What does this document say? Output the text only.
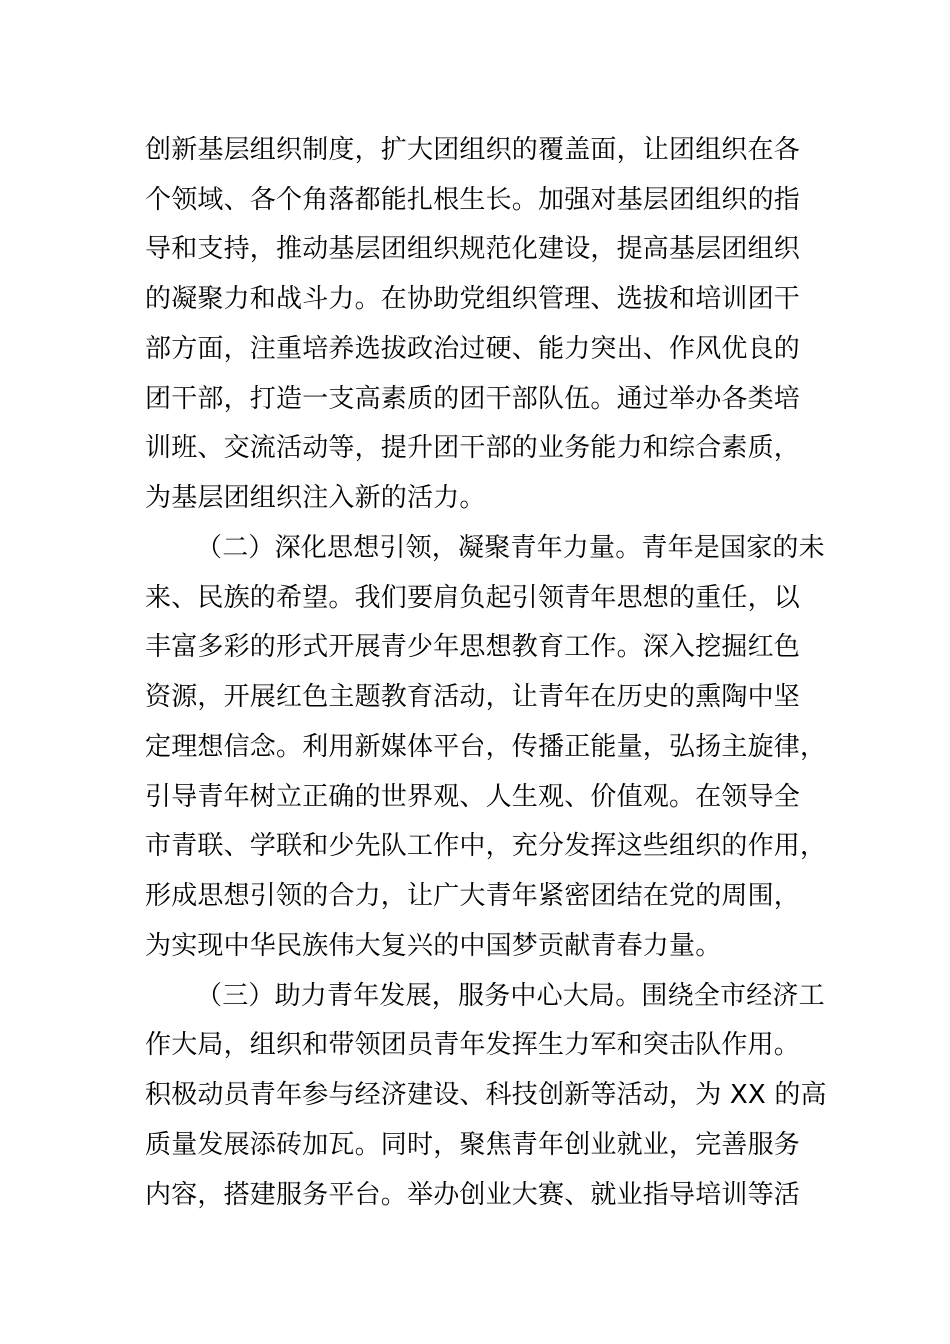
创新基层组织制度，扩大团组织的覆盖面，让团组织在各
个领域、各个角落都能扎根生长。加强对基层团组织的指
导和支持，推动基层团组织规范化建设，提高基层团组织
的凝聚力和战斗力。在协助党组织管理、选拔和培训团干
部方面，注重培养选拔政治过硬、能力突出、作风优良的
团干部，打造一支高素质的团干部队伍。通过举办各类培
训班、交流活动等，提升团干部的业务能力和综合素质，
为基层团组织注入新的活力。
（二）深化思想引领，凝聚青年力量。青年是国家的未
来、民族的希望。我们要肩负起引领青年思想的重任，以
丰富多彩的形式开展青少年思想教育工作。深入挖掘红色
资源，开展红色主题教育活动，让青年在历史的熏陶中坚
定理想信念。利用新媒体平台，传播正能量，弘扬主旋律，
引导青年树立正确的世界观、人生观、价值观。在领导全
市青联、学联和少先队工作中，充分发挥这些组织的作用，
形成思想引领的合力，让广大青年紧密团结在党的周围，
为实现中华民族伟大复兴的中国梦贡献青春力量。
（三）助力青年发展，服务中心大局。围绕全市经济工
作大局，组织和带领团员青年发挥生力军和突击队作用。
积极动员青年参与经济建设、科技创新等活动，为 XX 的高
质量发展添砖加瓦。同时，聚焦青年创业就业，完善服务
内容，搭建服务平台。举办创业大赛、就业指导培训等活
